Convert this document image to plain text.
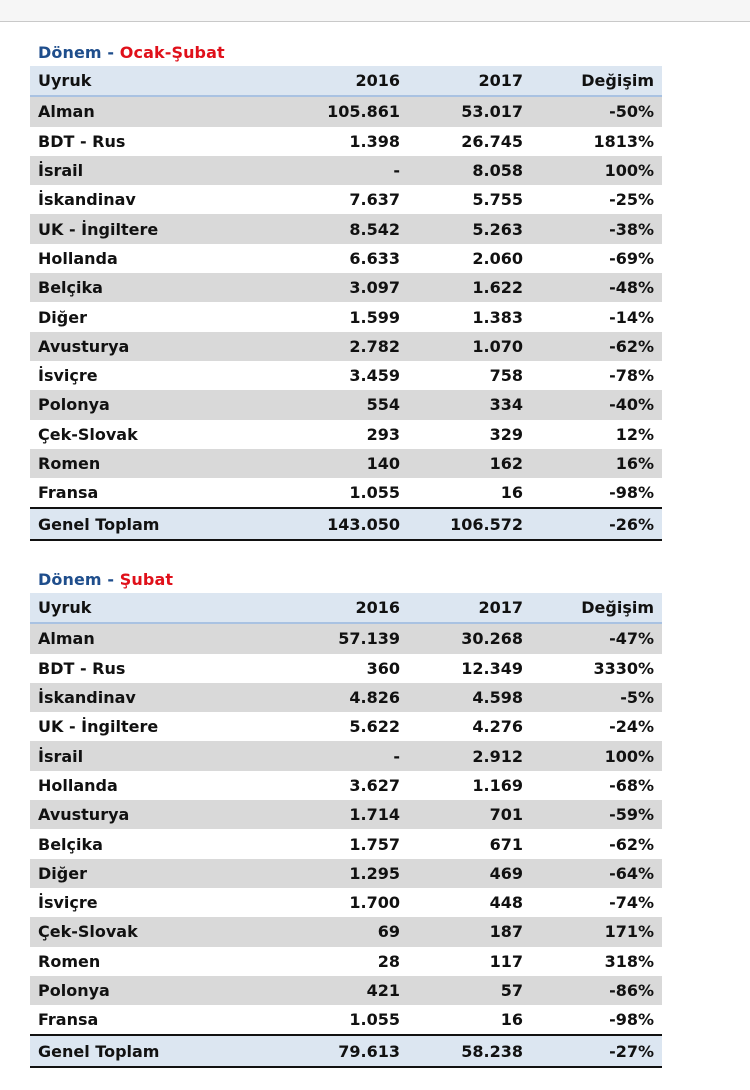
Dönem - Ocak-Şubat
Uyruk	2016	2017	Değişim
Alman	105.861	53.017	-50%
BDT - Rus	1.398	26.745	1813%
İsrail	-	8.058	100%
İskandinav	7.637	5.755	-25%
UK - İngiltere	8.542	5.263	-38%
Hollanda	6.633	2.060	-69%
Belçika	3.097	1.622	-48%
Diğer	1.599	1.383	-14%
Avusturya	2.782	1.070	-62%
İsviçre	3.459	758	-78%
Polonya	554	334	-40%
Çek-Slovak	293	329	12%
Romen	140	162	16%
Fransa	1.055	16	-98%
Genel Toplam	143.050	106.572	-26%
Dönem - Şubat
Uyruk	2016	2017	Değişim
Alman	57.139	30.268	-47%
BDT - Rus	360	12.349	3330%
İskandinav	4.826	4.598	-5%
UK - İngiltere	5.622	4.276	-24%
İsrail	-	2.912	100%
Hollanda	3.627	1.169	-68%
Avusturya	1.714	701	-59%
Belçika	1.757	671	-62%
Diğer	1.295	469	-64%
İsviçre	1.700	448	-74%
Çek-Slovak	69	187	171%
Romen	28	117	318%
Polonya	421	57	-86%
Fransa	1.055	16	-98%
Genel Toplam	79.613	58.238	-27%
